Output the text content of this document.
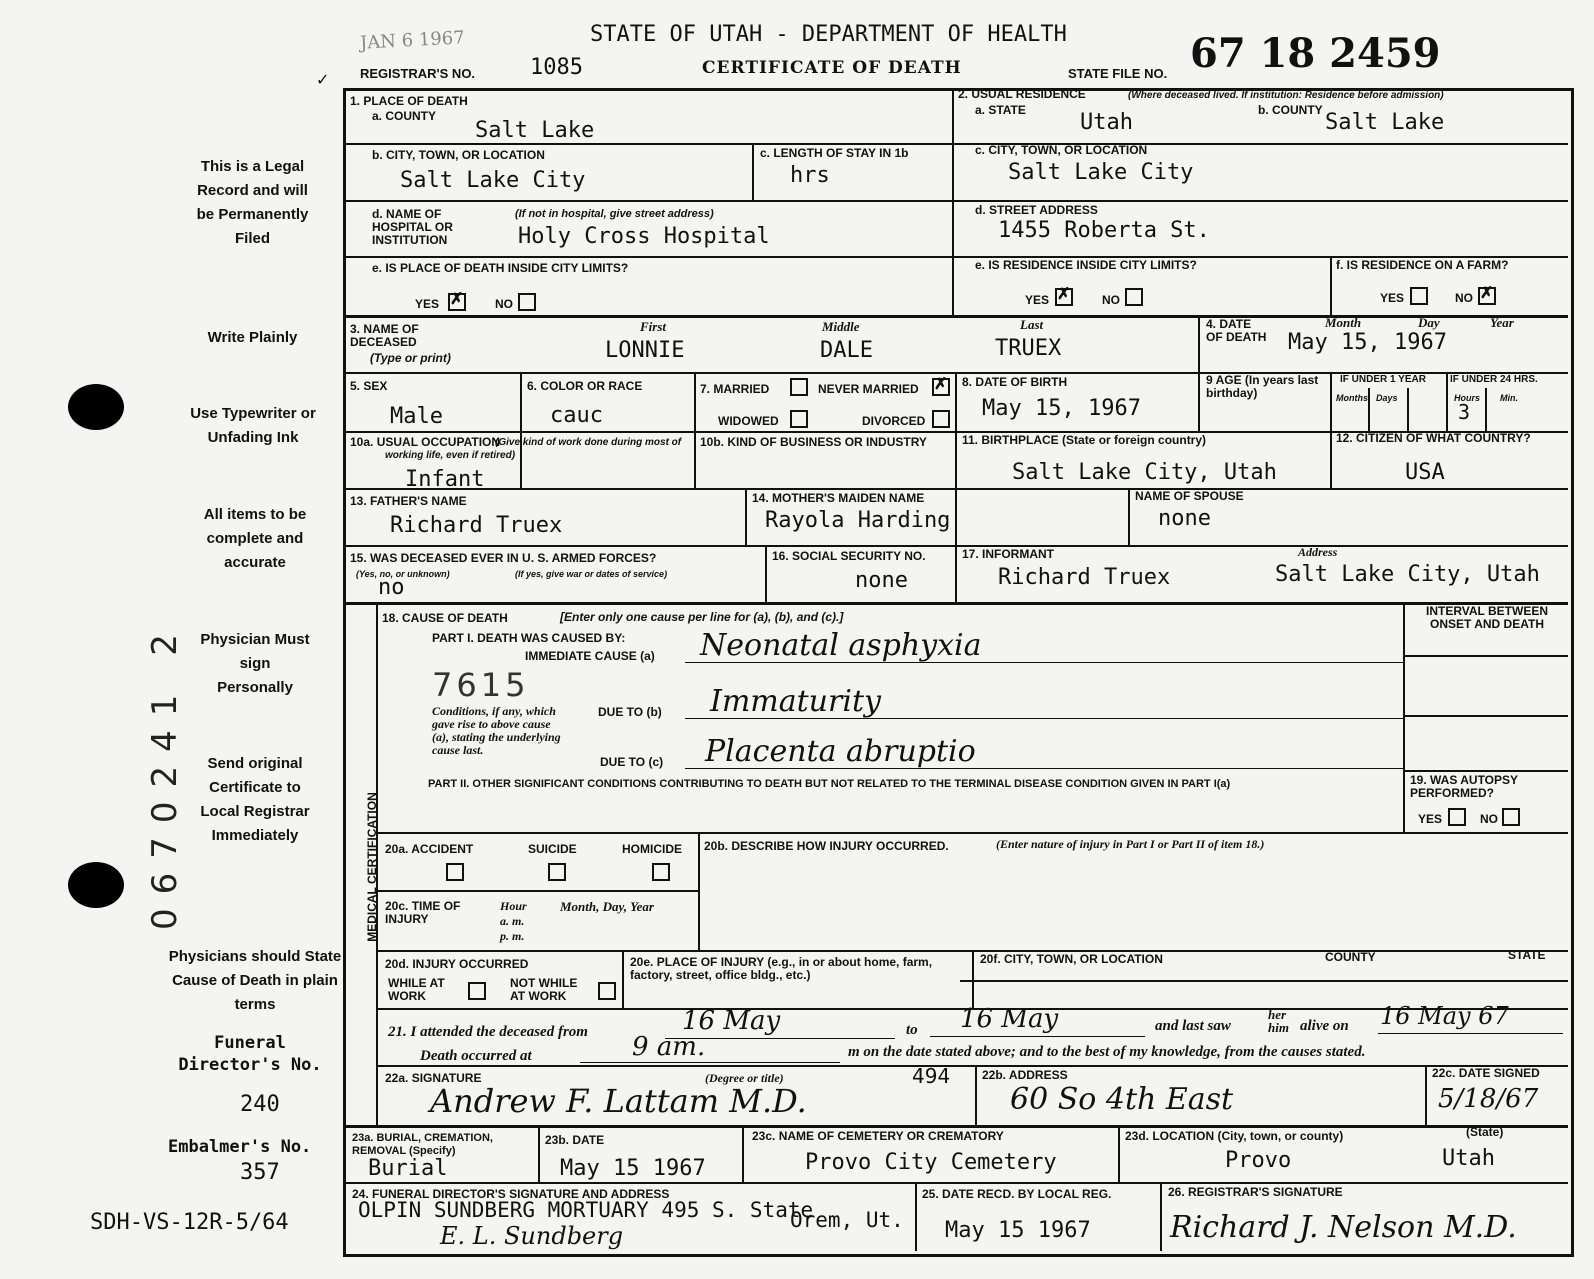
JAN 6 1967	STATE OF UTAH - DEPARTMENT OF HEALTH
REGISTRAR'S NO. 1085	CERTIFICATE OF DEATH	STATE FILE NO. 67 18 2459
✓
This is a Legal Record and will be Permanently Filed
Write Plainly
Use Typewriter or Unfading Ink
All items to be complete and accurate
Physician Must sign Personally
Send original Certificate to Local Registrar Immediately
Physicians should State Cause of Death in plain terms
0670241 2
Funeral Director's No.
240
Embalmer's No.
357
SDH-VS-12R-5/64
1. PLACE OF DEATH
a. COUNTY
Salt Lake
2. USUAL RESIDENCE	(Where deceased lived. If institution: Residence before admission)
a. STATE	b. COUNTY
Utah	Salt Lake
b. CITY, TOWN, OR LOCATION
Salt Lake City
c. LENGTH OF STAY IN 1b
hrs
c. CITY, TOWN, OR LOCATION
Salt Lake City
d. NAME OF HOSPITAL OR INSTITUTION
(If not in hospital, give street address)
Holy Cross Hospital
d. STREET ADDRESS
1455 Roberta St.
e. IS PLACE OF DEATH INSIDE CITY LIMITS?
YES ✗	NO
e. IS RESIDENCE INSIDE CITY LIMITS?
YES ✗	NO
f. IS RESIDENCE ON A FARM?
YES	NO ✗
3. NAME OF DECEASED
(Type or print)
First	Middle	Last
LONNIE	DALE	TRUEX
4. DATE OF DEATH
Month	Day	Year
May 15, 1967
5. SEX
Male
6. COLOR OR RACE
cauc
7. MARRIED	NEVER MARRIED ✗
WIDOWED	DIVORCED
8. DATE OF BIRTH
May 15, 1967
9 AGE (In years last birthday)
IF UNDER 1 YEAR IF UNDER 24 HRS.
Months Days	Hours Min.
3
10a. USUAL OCCUPATION
(Give kind of work done during most of working life, even if retired)
Infant
10b. KIND OF BUSINESS OR INDUSTRY	11. BIRTHPLACE (State or foreign country)
Salt Lake City, Utah
12. CITIZEN OF WHAT COUNTRY?
USA
13. FATHER'S NAME
Richard Truex
14. MOTHER'S MAIDEN NAME
Rayola Harding
NAME OF SPOUSE
none
15. WAS DECEASED EVER IN U. S. ARMED FORCES?
(Yes, no, or unknown)	(If yes, give war or dates of service)
no
16. SOCIAL SECURITY NO.
none
17. INFORMANT
Richard Truex
Address
Salt Lake City, Utah
MEDICAL CERTIFICATION
18. CAUSE OF DEATH	[Enter only one cause per line for (a), (b), and (c).]	INTERVAL BETWEEN ONSET AND DEATH
PART I. DEATH WAS CAUSED BY:
IMMEDIATE CAUSE (a) Neonatal asphyxia
7615
Conditions, if any, which gave rise to above cause (a), stating the underlying cause last.
DUE TO (b) Immaturity
DUE TO (c) Placenta abruptio
PART II. OTHER SIGNIFICANT CONDITIONS CONTRIBUTING TO DEATH BUT NOT RELATED TO THE TERMINAL DISEASE CONDITION GIVEN IN PART I(a)	19. WAS AUTOPSY PERFORMED?
YES	NO
20a. ACCIDENT	SUICIDE	HOMICIDE 20b. DESCRIBE HOW INJURY OCCURRED.	(Enter nature of injury in Part I or Part II of item 18.)
20c. TIME OF INJURY
Hour
a. m.
p. m.
Month, Day, Year
20d. INJURY OCCURRED
WHILE AT WORK
NOT WHILE AT WORK
20e. PLACE OF INJURY (e.g., in or about home, farm, factory, street, office bldg., etc.)
20f. CITY, TOWN, OR LOCATION	COUNTY	STATE
21. I attended the deceased from	16 May	to 16 May	and last saw
her him alive on 16 May 67
Death occurred at	9 am.	m on the date stated above; and to the best of my knowledge, from the causes stated.
22a. SIGNATURE	(Degree or title)	494
Andrew F. Lattam M.D.
22b. ADDRESS
60 So 4th East
22c. DATE SIGNED
5/18/67
23a. BURIAL, CREMATION, REMOVAL (Specify)
Burial
23b. DATE
May 15 1967
23c. NAME OF CEMETERY OR CREMATORY
Provo City Cemetery
23d. LOCATION (City, town, or county)	(State)
Provo	Utah
24. FUNERAL DIRECTOR'S SIGNATURE AND ADDRESS
OLPIN SUNDBERG MORTUARY 495 S. State
Orem, Ut.
E. L. Sundberg
25. DATE RECD. BY LOCAL REG.
May 15 1967
26. REGISTRAR'S SIGNATURE
Richard J. Nelson M.D.
